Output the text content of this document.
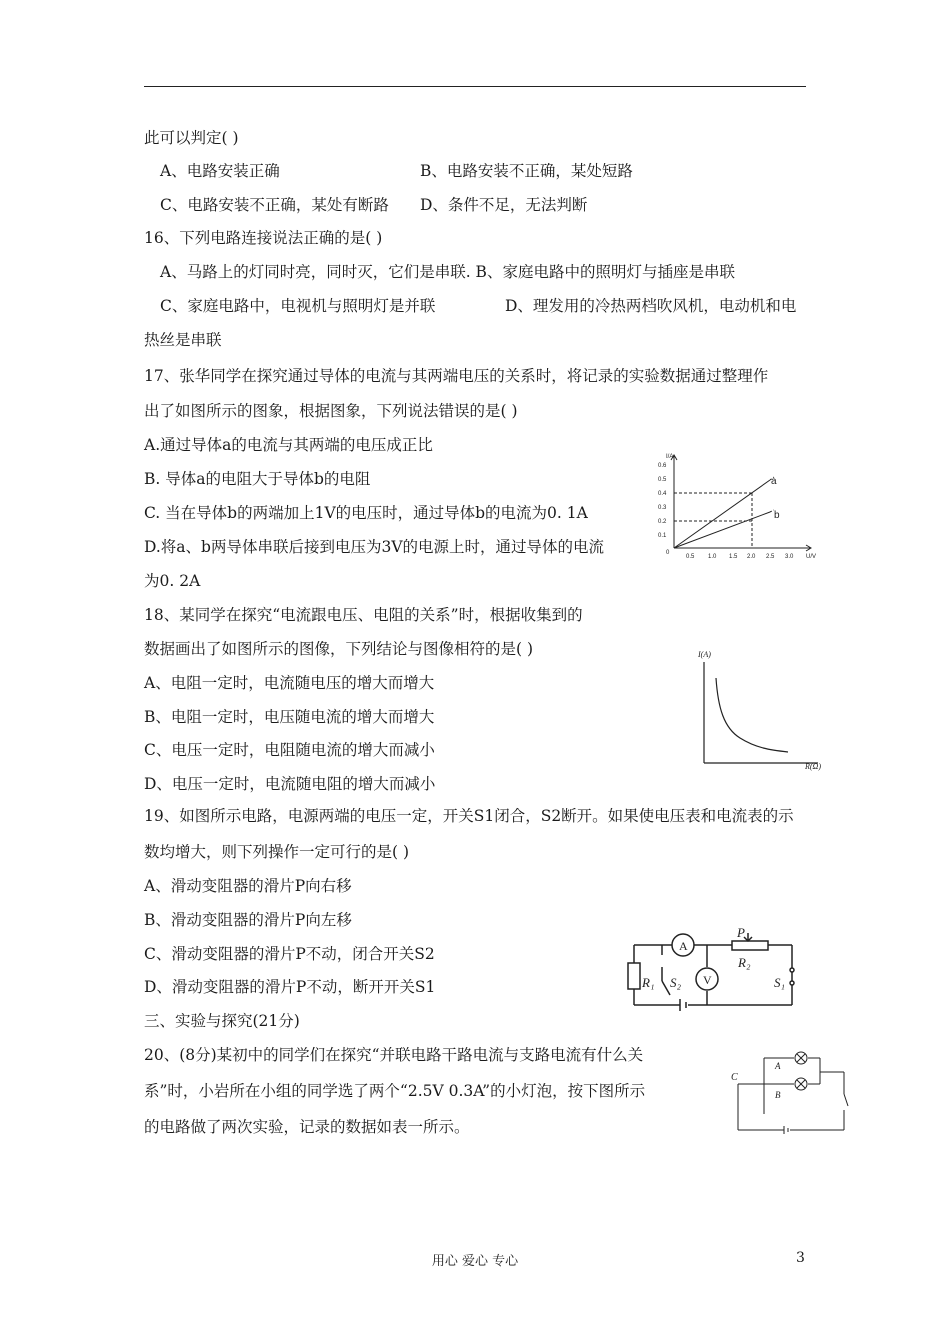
此可以判定( )
A、电路安装正确	B、电路安装不正确，某处短路
C、电路安装不正确，某处有断路 D、条件不足，无法判断
16、下列电路连接说法正确的是( )
A、马路上的灯同时亮，同时灭，它们是串联. B、家庭电路中的照明灯与插座是串联
C、家庭电路中，电视机与照明灯是并联	D、理发用的冷热两档吹风机，电动机和电
热丝是串联
17、张华同学在探究通过导体的电流与其两端电压的关系时，将记录的实验数据通过整理作
出了如图所示的图象，根据图象，下列说法错误的是( )
A.通过导体a的电流与其两端的电压成正比
B. 导体a的电阻大于导体b的电阻
C. 当在导体b的两端加上1V的电压时，通过导体b的电流为0. 1A
D.将a、b两导体串联后接到电压为3V的电源上时，通过导体的电流
为0. 2A
18、某同学在探究“电流跟电压、电阻的关系”时，根据收集到的
数据画出了如图所示的图像，下列结论与图像相符的是( )
A、电阻一定时，电流随电压的增大而增大
B、电阻一定时，电压随电流的增大而增大
C、电压一定时，电阻随电流的增大而减小
D、电压一定时，电流随电阻的增大而减小
19、如图所示电路，电源两端的电压一定，开关S1闭合，S2断开。如果使电压表和电流表的示
数均增大，则下列操作一定可行的是( )
A、滑动变阻器的滑片P向右移
B、滑动变阻器的滑片P向左移
C、滑动变阻器的滑片P不动，闭合开关S2
D、滑动变阻器的滑片P不动，断开开关S1
三、实验与探究(21分)
20、(8分)某初中的同学们在探究“并联电路干路电流与支路电流有什么关
系”时，小岩所在小组的同学选了两个“2.5V 0.3A”的小灯泡，按下图所示
的电路做了两次实验，记录的数据如表一所示。
I/A
U/V
0.6
0.5
0.4
0.3
0.2
0.1
0
0.5 1.0 1.5 2.0 2.5 3.0
a
b
I(A)
R(Ω)
A
V
P
R₁
R₂
S₁
S₂
A
B
C
用心 爱心 专心	3
